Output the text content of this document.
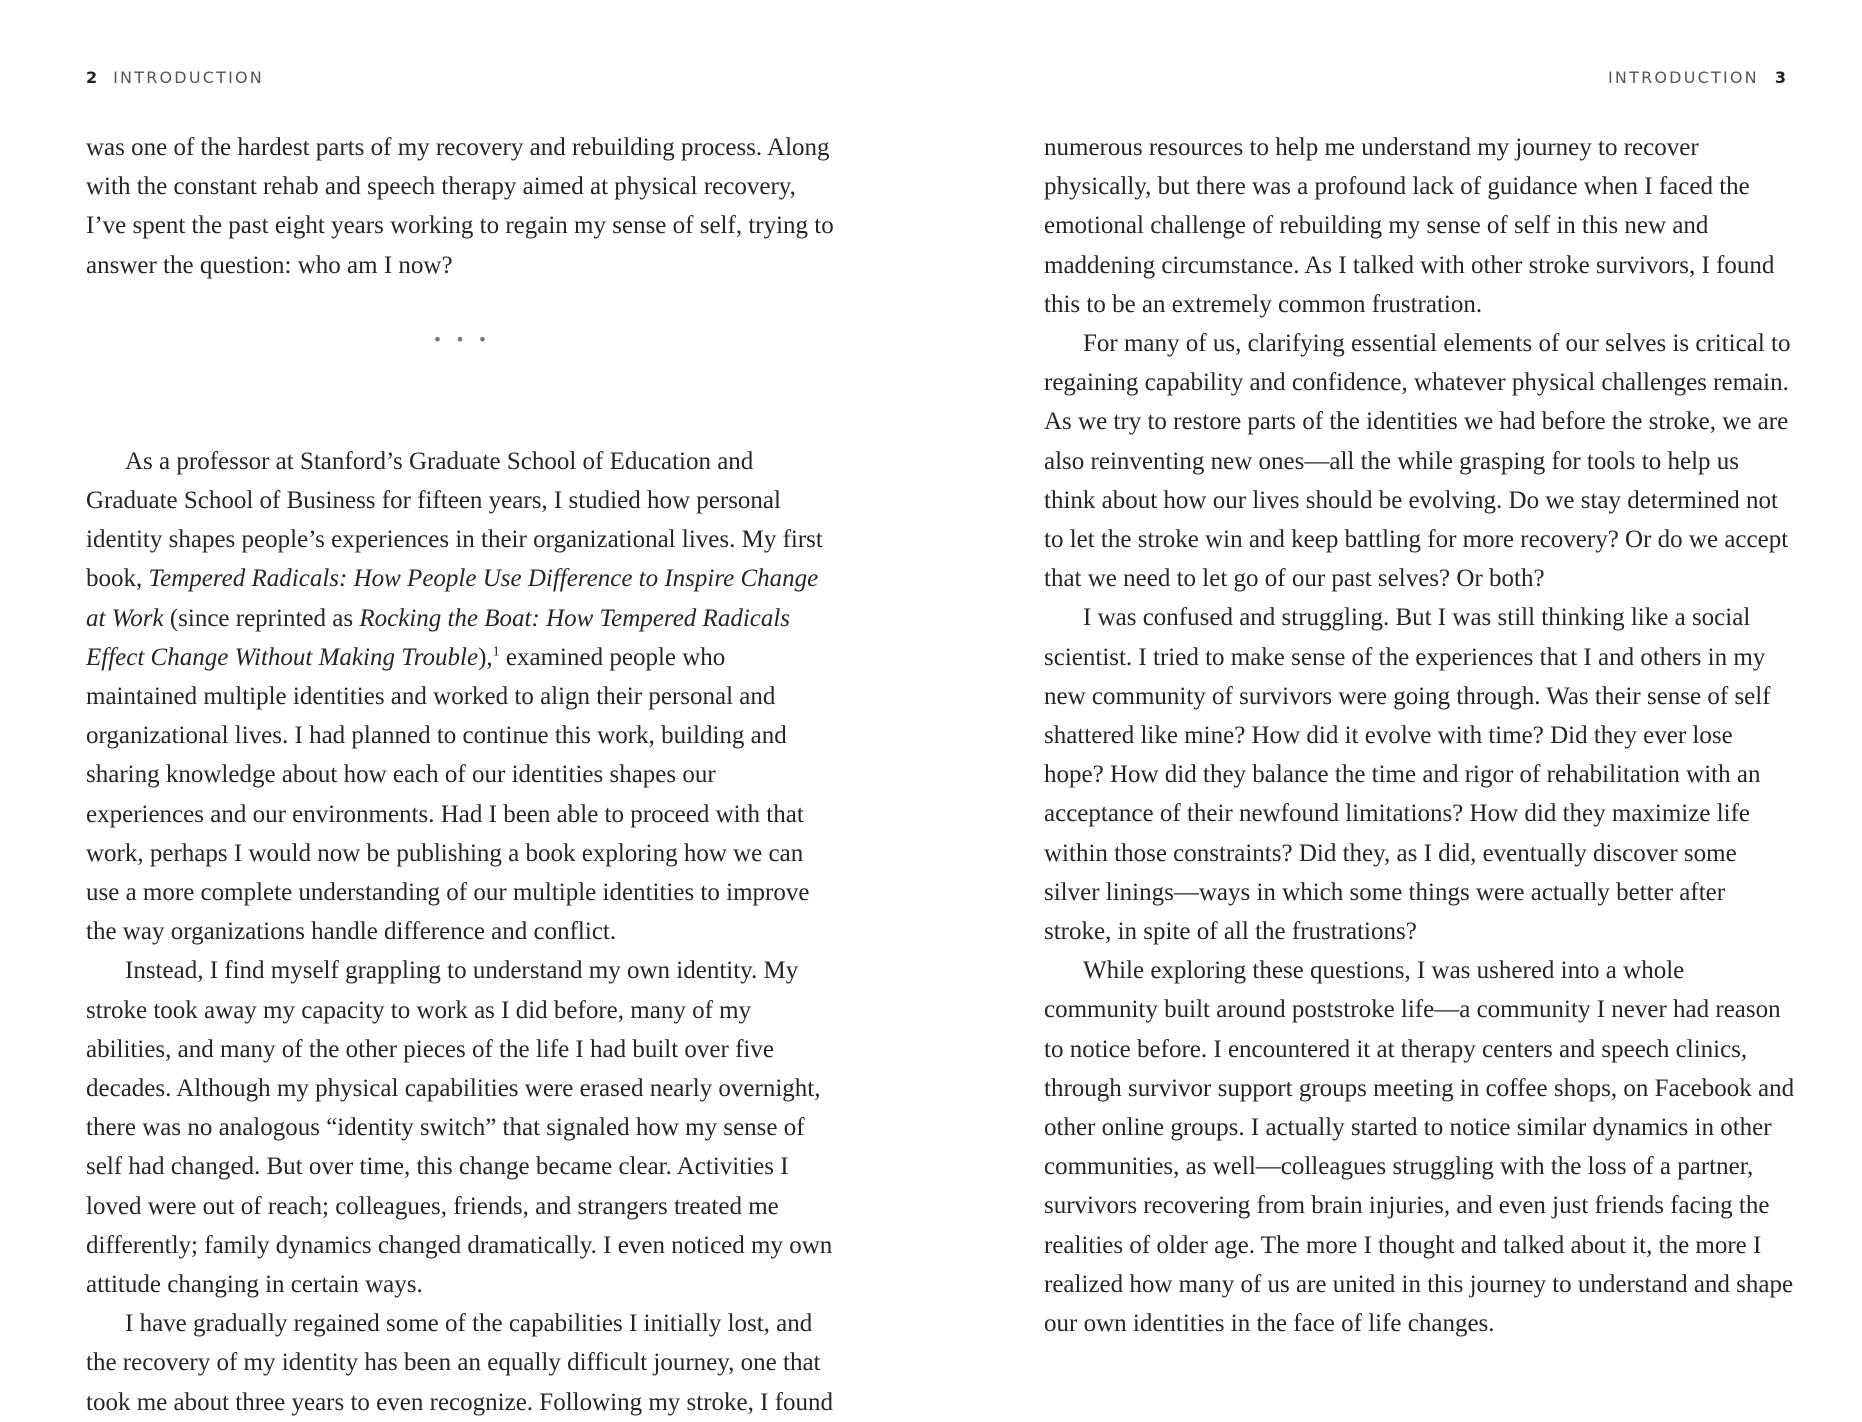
2 INTRODUCTION

was one of the hardest parts of my recovery and rebuilding process. Along with the constant rehab and speech therapy aimed at physical recovery, I’ve spent the past eight years working to regain my sense of self, trying to answer the question: who am I now?

• • •

As a professor at Stanford’s Graduate School of Education and Graduate School of Business for fifteen years, I studied how personal identity shapes people’s experiences in their organizational lives. My first book, Tempered Radicals: How People Use Difference to Inspire Change at Work (since reprinted as Rocking the Boat: How Tempered Radicals Effect Change Without Making Trouble),$^1$ examined people who maintained multiple identities and worked to align their personal and organizational lives. I had planned to continue this work, building and sharing knowledge about how each of our identities shapes our experiences and our environments. Had I been able to proceed with that work, perhaps I would now be publishing a book exploring how we can use a more complete understanding of our multiple identities to improve the way organizations handle difference and conflict.

Instead, I find myself grappling to understand my own identity. My stroke took away my capacity to work as I did before, many of my abilities, and many of the other pieces of the life I had built over five decades. Although my physical capabilities were erased nearly overnight, there was no analogous “identity switch” that signaled how my sense of self had changed. But over time, this change became clear. Activities I loved were out of reach; colleagues, friends, and strangers treated me differently; family dynamics changed dramatically. I even noticed my own attitude changing in certain ways.

I have gradually regained some of the capabilities I initially lost, and the recovery of my identity has been an equally difficult journey, one that took me about three years to even recognize. Following my stroke, I found

INTRODUCTION 3

numerous resources to help me understand my journey to recover physically, but there was a profound lack of guidance when I faced the emotional challenge of rebuilding my sense of self in this new and maddening circumstance. As I talked with other stroke survivors, I found this to be an extremely common frustration.

For many of us, clarifying essential elements of our selves is critical to regaining capability and confidence, whatever physical challenges remain. As we try to restore parts of the identities we had before the stroke, we are also reinventing new ones—all the while grasping for tools to help us think about how our lives should be evolving. Do we stay determined not to let the stroke win and keep battling for more recovery? Or do we accept that we need to let go of our past selves? Or both?

I was confused and struggling. But I was still thinking like a social scientist. I tried to make sense of the experiences that I and others in my new community of survivors were going through. Was their sense of self shattered like mine? How did it evolve with time? Did they ever lose hope? How did they balance the time and rigor of rehabilitation with an acceptance of their newfound limitations? How did they maximize life within those constraints? Did they, as I did, eventually discover some silver linings—ways in which some things were actually better after stroke, in spite of all the frustrations?

While exploring these questions, I was ushered into a whole community built around poststroke life—a community I never had reason to notice before. I encountered it at therapy centers and speech clinics, through survivor support groups meeting in coffee shops, on Facebook and other online groups. I actually started to notice similar dynamics in other communities, as well—colleagues struggling with the loss of a partner, survivors recovering from brain injuries, and even just friends facing the realities of older age. The more I thought and talked about it, the more I realized how many of us are united in this journey to understand and shape our own identities in the face of life changes.
